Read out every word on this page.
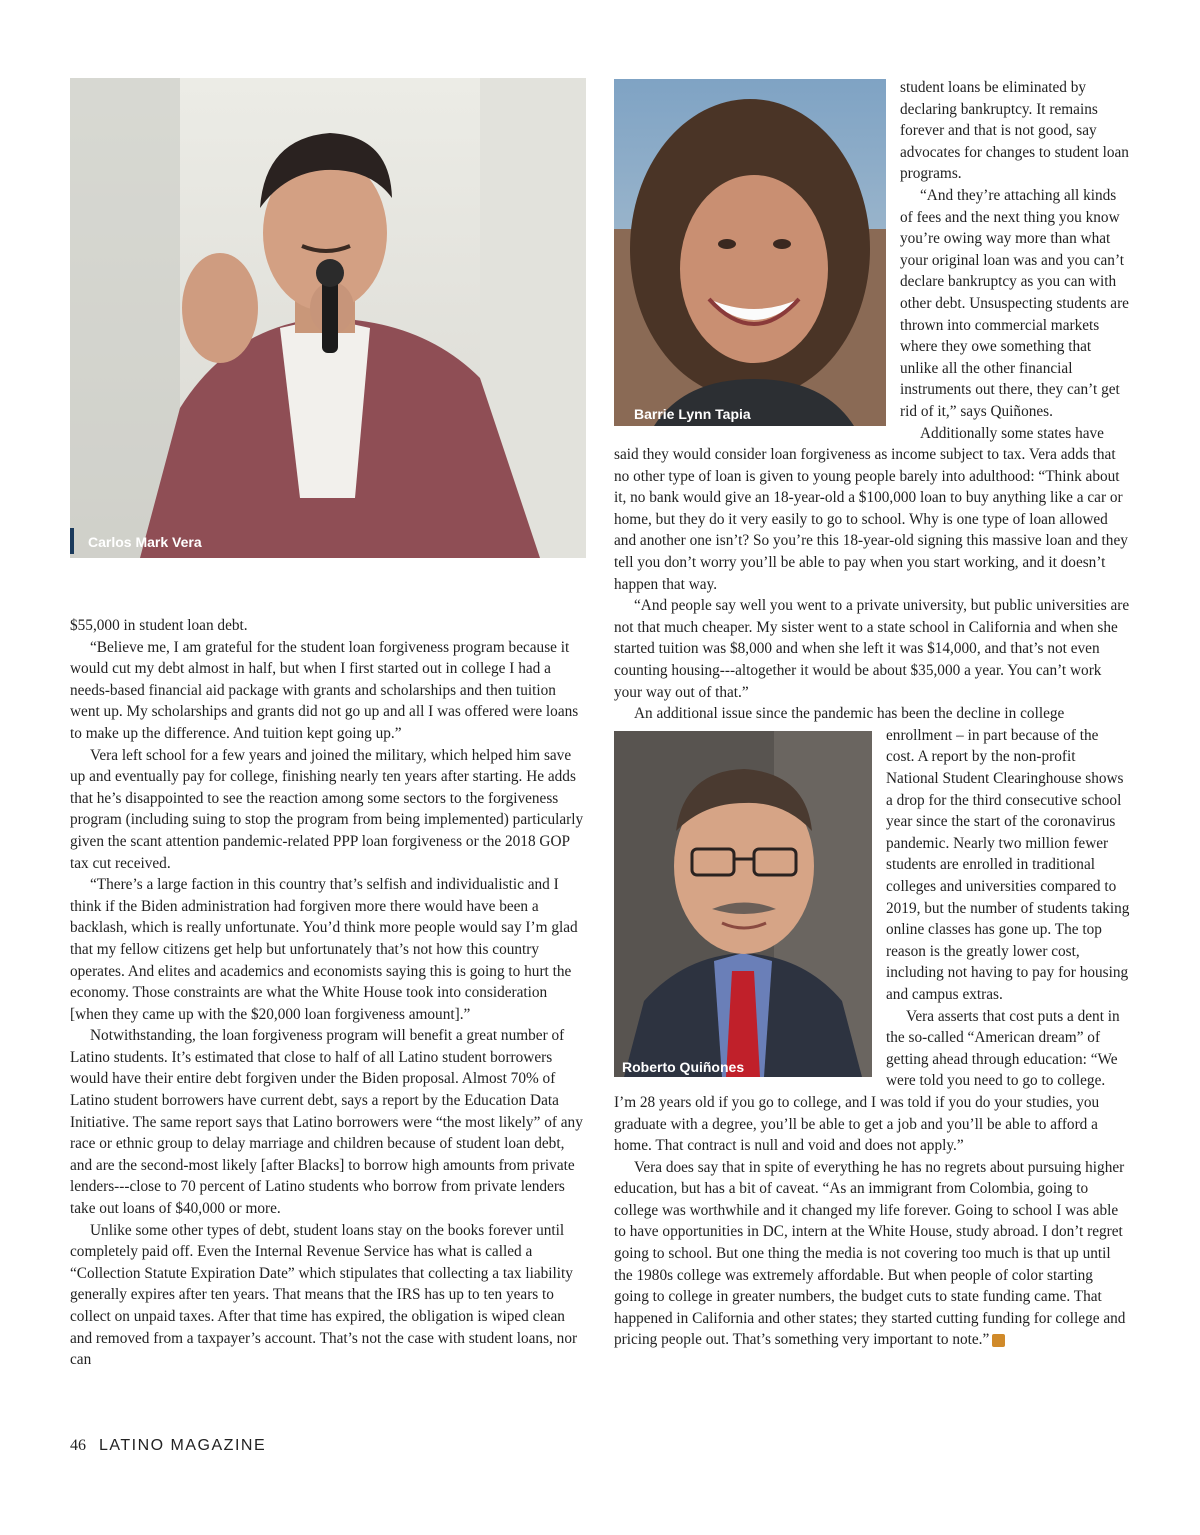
Carlos Mark Vera

$55,000 in student loan debt.

“Believe me, I am grateful for the student loan forgiveness program because it would cut my debt almost in half, but when I first started out in college I had a needs-based financial aid package with grants and scholarships and then tuition went up. My scholarships and grants did not go up and all I was offered were loans to make up the difference. And tuition kept going up.”

Vera left school for a few years and joined the military, which helped him save up and eventually pay for college, finishing nearly ten years after starting. He adds that he’s disappointed to see the reaction among some sectors to the forgiveness program (including suing to stop the program from being implemented) particularly given the scant attention pandemic-related PPP loan forgiveness or the 2018 GOP tax cut received.

“There’s a large faction in this country that’s selfish and individualistic and I think if the Biden administration had forgiven more there would have been a backlash, which is really unfortunate. You’d think more people would say I’m glad that my fellow citizens get help but unfortunately that’s not how this country operates. And elites and academics and economists saying this is going to hurt the economy. Those constraints are what the White House took into consideration [when they came up with the $20,000 loan forgiveness amount].”

Notwithstanding, the loan forgiveness program will benefit a great number of Latino students. It’s estimated that close to half of all Latino student borrowers would have their entire debt forgiven under the Biden proposal. Almost 70% of Latino student borrowers have current debt, says a report by the Education Data Initiative. The same report says that Latino borrowers were “the most likely” of any race or ethnic group to delay marriage and children because of student loan debt, and are the second-most likely [after Blacks] to borrow high amounts from private lenders---close to 70 percent of Latino students who borrow from private lenders take out loans of $40,000 or more.

Unlike some other types of debt, student loans stay on the books forever until completely paid off. Even the Internal Revenue Service has what is called a “Collection Statute Expiration Date” which stipulates that collecting a tax liability generally expires after ten years. That means that the IRS has up to ten years to collect on unpaid taxes. After that time has expired, the obligation is wiped clean and removed from a taxpayer’s account. That’s not the case with student loans, nor can

Barrie Lynn Tapia

student loans be eliminated by declaring bankruptcy. It remains forever and that is not good, say advocates for changes to student loan programs.

“And they’re attaching all kinds of fees and the next thing you know you’re owing way more than what your original loan was and you can’t declare bankruptcy as you can with other debt. Unsuspecting students are thrown into commercial markets where they owe something that unlike all the other financial instruments out there, they can’t get rid of it,” says Quiñones.

Additionally some states have said they would consider loan forgiveness as income subject to tax. Vera adds that no other type of loan is given to young people barely into adulthood: “Think about it, no bank would give an 18-year-old a $100,000 loan to buy anything like a car or home, but they do it very easily to go to school. Why is one type of loan allowed and another one isn’t? So you’re this 18-year-old signing this massive loan and they tell you don’t worry you’ll be able to pay when you start working, and it doesn’t happen that way.

“And people say well you went to a private university, but public universities are not that much cheaper. My sister went to a state school in California and when she started tuition was $8,000 and when she left it was $14,000, and that’s not even counting housing---altogether it would be about $35,000 a year. You can’t work your way out of that.”

An additional issue since the pandemic has been the decline in college

Roberto Quiñones

enrollment – in part because of the cost. A report by the non-profit National Student Clearinghouse shows a drop for the third consecutive school year since the start of the coronavirus pandemic. Nearly two million fewer students are enrolled in traditional colleges and universities compared to 2019, but the number of students taking online classes has gone up. The top reason is the greatly lower cost, including not having to pay for housing and campus extras.

Vera asserts that cost puts a dent in the so-called “American dream” of getting ahead through education: “We were told you need to go to college. I’m 28 years old if you go to college, and I was told if you do your studies, you graduate with a degree, you’ll be able to get a job and you’ll be able to afford a home. That contract is null and void and does not apply.”

Vera does say that in spite of everything he has no regrets about pursuing higher education, but has a bit of caveat. “As an immigrant from Colombia, going to college was worthwhile and it changed my life forever. Going to school I was able to have opportunities in DC, intern at the White House, study abroad. I don’t regret going to school. But one thing the media is not covering too much is that up until the 1980s college was extremely affordable. But when people of color starting going to college in greater numbers, the budget cuts to state funding came. That happened in California and other states; they started cutting funding for college and pricing people out. That’s something very important to note.” L

46 LATINO MAGAZINE
